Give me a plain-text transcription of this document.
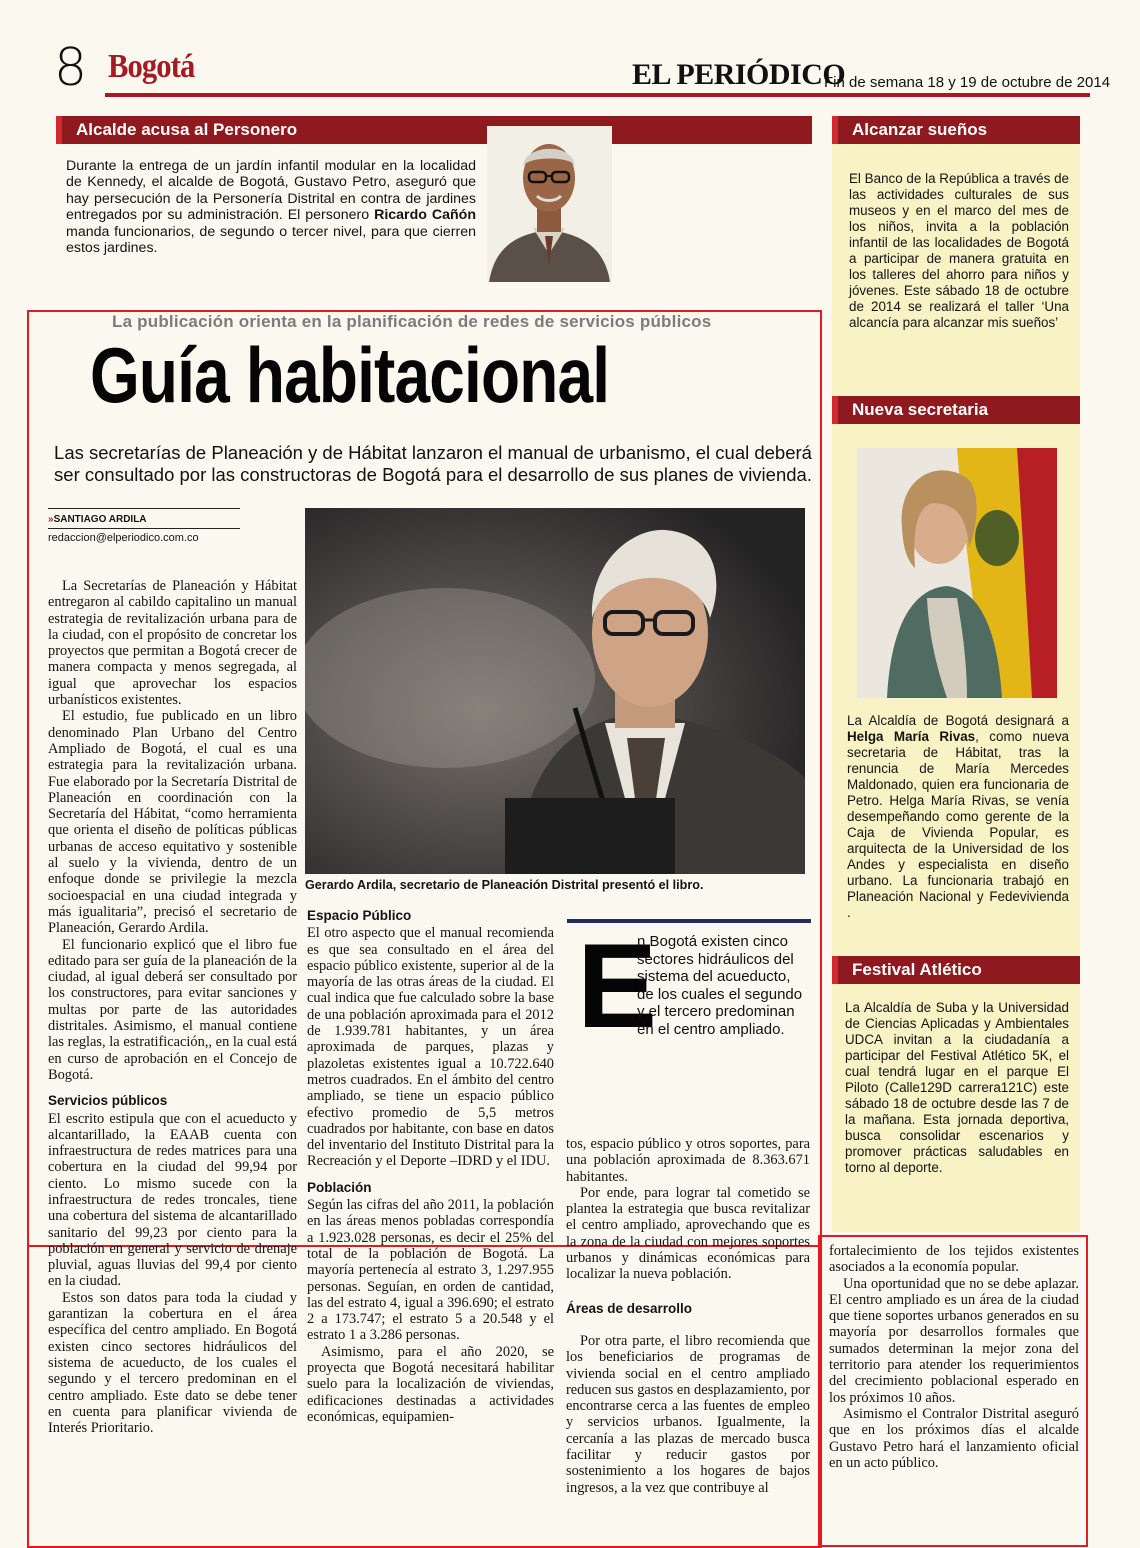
8 Bogotá	EL PERIÓDICO
Fin de semana 18 y 19 de octubre de 2014
Alcalde acusa al Personero
Durante la entrega de un jardín infantil modular en la localidad de Kennedy, el alcalde de Bogotá, Gustavo Petro, aseguró que hay persecución de la Personería Distrital en contra de jardines entregados por su administración. El personero Ricardo Cañón manda funcionarios, de segundo o tercer nivel, para que cierren estos jardines.
La publicación orienta en la planificación de redes de servicios públicos
Guía habitacional
Las secretarías de Planeación y de Hábitat lanzaron el manual de urbanismo, el cual deberá ser consultado por las constructoras de Bogotá para el desarrollo de sus planes de vivienda.
»SANTIAGO ARDILA
redaccion@elperiodico.com.co
Gerardo Ardila, secretario de Planeación Distrital presentó el libro.

La Secretarías de Planeación y Hábitat entregaron al cabildo capitalino un manual estrategia de revitalización urbana para de la ciudad, con el propósito de concretar los proyectos que permitan a Bogotá crecer de manera compacta y menos segregada, al igual que aprovechar los espacios urbanísticos existentes.

El estudio, fue publicado en un libro denominado Plan Urbano del Centro Ampliado de Bogotá, el cual es una estrategia para la revitalización urbana. Fue elaborado por la Secretaría Distrital de Planeación en coordinación con la Secretaría del Hábitat, “como herramienta que orienta el diseño de políticas públicas urbanas de acceso equitativo y sostenible al suelo y la vivienda, dentro de un enfoque donde se privilegie la mezcla socioespacial en una ciudad integrada y más igualitaria”, precisó el secretario de Planeación, Gerardo Ardila.

El funcionario explicó que el libro fue editado para ser guía de la planeación de la ciudad, al igual deberá ser consultado por los constructores, para evitar sanciones y multas por parte de las autoridades distritales. Asimismo, el manual contiene las reglas, la estratificación,, en la cual está en curso de aprobación en el Concejo de Bogotá.

Servicios públicos

El escrito estipula que con el acueducto y alcantarillado, la EAAB cuenta con infraestructura de redes matrices para una cobertura en la ciudad del 99,94 por ciento. Lo mismo sucede con la infraestructura de redes troncales, tiene una cobertura del sistema de alcantarillado sanitario del 99,23 por ciento para la población en general y servicio de drenaje pluvial, aguas lluvias del 99,4 por ciento en la ciudad.

Estos son datos para toda la ciudad y garantizan la cobertura en el área específica del centro ampliado. En Bogotá existen cinco sectores hidráulicos del sistema de acueducto, de los cuales el segundo y el tercero predominan en el centro ampliado. Este dato se debe tener en cuenta para planificar vivienda de Interés Prioritario.

Espacio Público

El otro aspecto que el manual recomienda es que sea consultado en el área del espacio público existente, superior al de la mayoría de las otras áreas de la ciudad. El cual indica que fue calculado sobre la base de una población aproximada para el 2012 de 1.939.781 habitantes, y un área aproximada de parques, plazas y plazoletas existentes igual a 10.722.640 metros cuadrados. En el ámbito del centro ampliado, se tiene un espacio público efectivo promedio de 5,5 metros cuadrados por habitante, con base en datos del inventario del Instituto Distrital para la Recreación y el Deporte –IDRD y el IDU.

Población

Según las cifras del año 2011, la población en las áreas menos pobladas correspondía a 1.923.028 personas, es decir el 25% del total de la población de Bogotá. La mayoría pertenecía al estrato 3, 1.297.955 personas. Seguían, en orden de cantidad, las del estrato 4, igual a 396.690; el estrato 2 a 173.747; el estrato 5 a 20.548 y el estrato 1 a 3.286 personas.

Asimismo, para el año 2020, se proyecta que Bogotá necesitará habilitar suelo para la localización de viviendas, edificaciones destinadas a actividades económicas, equipamien-

E
n Bogotá existen cinco sectores hidráulicos del sistema del acueducto, de los cuales el segundo y el tercero predominan en el centro ampliado.

tos, espacio público y otros soportes, para una población aproximada de 8.363.671 habitantes.

Por ende, para lograr tal cometido se plantea la estrategia que busca revitalizar el centro ampliado, aprovechando que es la zona de la ciudad con mejores soportes urbanos y dinámicas económicas para localizar la nueva población.

Áreas de desarrollo

Por otra parte, el libro recomienda que los beneficiarios de programas de vivienda social en el centro ampliado reducen sus gastos en desplazamiento, por encontrarse cerca a las fuentes de empleo y servicios urbanos. Igualmente, la cercanía a las plazas de mercado busca facilitar y reducir gastos por sostenimiento a los hogares de bajos ingresos, a la vez que contribuye al

fortalecimiento de los tejidos existentes asociados a la economía popular.

Una oportunidad que no se debe aplazar. El centro ampliado es un área de la ciudad que tiene soportes urbanos generados en su mayoría por desarrollos formales que sumados determinan la mejor zona del territorio para atender los requerimientos del crecimiento poblacional esperado en los próximos 10 años.

Asimismo el Contralor Distrital aseguró que en los próximos días el alcalde Gustavo Petro hará el lanzamiento oficial en un acto público.

Alcanzar sueños
El Banco de la República a través de las actividades culturales de sus museos y en el marco del mes de los niños, invita a la población infantil de las localidades de Bogotá a participar de manera gratuita en los talleres del ahorro para niños y jóvenes. Este sábado 18 de octubre de 2014 se realizará el taller ‘Una alcancía para alcanzar mis sueños’
Nueva secretaria
La Alcaldía de Bogotá designará a Helga María Rivas, como nueva secretaria de Hábitat, tras la renuncia de María Mercedes Maldonado, quien era funcionaria de Petro. Helga María Rivas, se venía desempeñando como gerente de la Caja de Vivienda Popular, es arquitecta de la Universidad de los Andes y especialista en diseño urbano. La funcionaria trabajó en Planeación Nacional y Fedevivienda .
Festival Atlético
La Alcaldía de Suba y la Universidad de Ciencias Aplicadas y Ambientales UDCA invitan a la ciudadanía a participar del Festival Atlético 5K, el cual tendrá lugar en el parque El Piloto (Calle129D carrera121C) este sábado 18 de octubre desde las 7 de la mañana. Esta jornada deportiva, busca consolidar escenarios y promover prácticas saludables en torno al deporte.
